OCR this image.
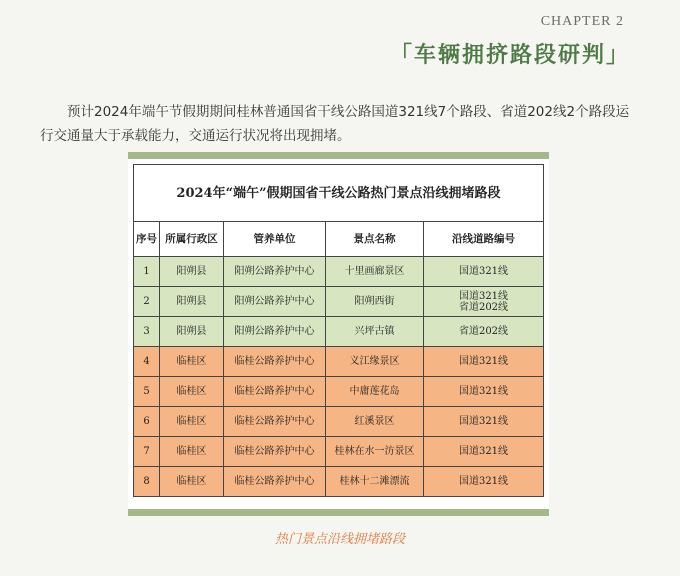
CHAPTER 2
「车辆拥挤路段研判」

预计2024年端午节假期期间桂林普通国省干线公路国道321线7个路段、省道202线2个路段运行交通量大于承载能力，交通运行状况将出现拥堵。

2024年“端午”假期国省干线公路热门景点沿线拥堵路段				
序号	所属行政区	管养单位	景点名称	沿线道路编号
1	阳朔县	阳朔公路养护中心	十里画廊景区	国道321线
2	阳朔县	阳朔公路养护中心	阳朔西街	国道321线
省道202线
3	阳朔县	阳朔公路养护中心	兴坪古镇	省道202线
4	临桂区	临桂公路养护中心	义江缘景区	国道321线
5	临桂区	临桂公路养护中心	中庸莲花岛	国道321线
6	临桂区	临桂公路养护中心	红溪景区	国道321线
7	临桂区	临桂公路养护中心	桂林在水一汸景区	国道321线
8	临桂区	临桂公路养护中心	桂林十二滩漂流	国道321线
热门景点沿线拥堵路段
